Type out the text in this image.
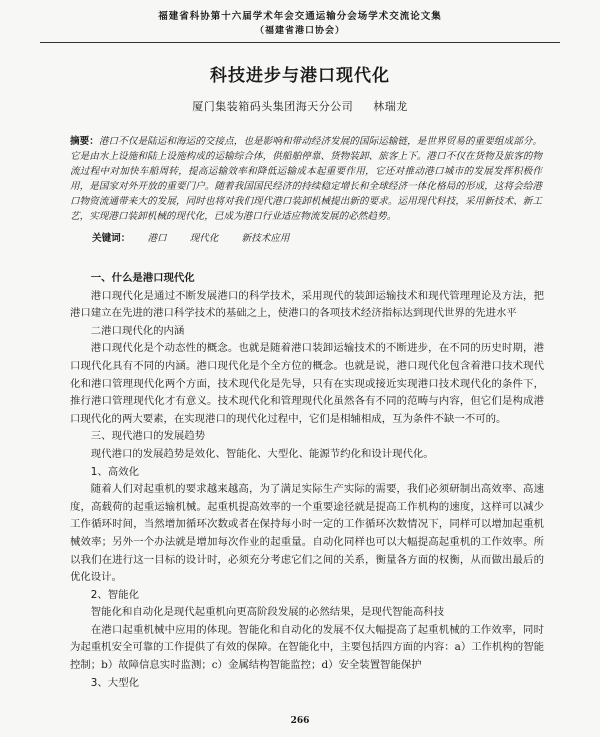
福建省科协第十六届学术年会交通运输分会场学术交流论文集
（福建省港口协会）
科技进步与港口现代化
厦门集装箱码头集团海天分公司 林瑞龙
摘要：港口不仅是陆运和海运的交接点，也是影响和带动经济发展的国际运输链，是世界贸易的重要组成部分。它是由水上设施和陆上设施构成的运输综合体，供船舶停靠、货物装卸、旅客上下。港口不仅在货物及旅客的物流过程中对加快车船周转，提高运输效率和降低运输成本起重要作用，它还对推动港口城市的发展发挥积极作用，是国家对外开放的重要门户。随着我国国民经济的持续稳定增长和全球经济一体化格局的形成，这将会给港口物资流通带来大的发展，同时也将对我们现代港口装卸机械提出新的要求。运用现代科技，采用新技术、新工艺，实现港口装卸机械的现代化，已成为港口行业适应物流发展的必然趋势。
关键词： 港口 现代化 新技术应用

一、什么是港口现代化

港口现代化是通过不断发展港口的科学技术，采用现代的装卸运输技术和现代管理理论及方法，把港口建立在先进的港口科学技术的基础之上，使港口的各项技术经济指标达到现代世界的先进水平

二港口现代化的内涵

港口现代化是个动态性的概念。也就是随着港口装卸运输技术的不断进步，在不同的历史时期，港口现代化具有不同的内涵。港口现代化是个全方位的概念。也就是说，港口现代化包含着港口技术现代化和港口管理现代化两个方面，技术现代化是先导，只有在实现或接近实现港口技术现代化的条件下，推行港口管理现代化才有意义。技术现代化和管理现代化虽然各有不同的范畴与内容，但它们是构成港口现代化的两大要素，在实现港口的现代化过程中，它们是相辅相成，互为条件不缺一不可的。

三、现代港口的发展趋势

现代港口的发展趋势是效化、智能化、大型化、能源节约化和设计现代化。

1、高效化

随着人们对起重机的要求越来越高，为了满足实际生产实际的需要，我们必须研制出高效率、高速度，高载荷的起重运输机械。起重机提高效率的一个重要途径就是提高工作机构的速度，这样可以减少工作循环时间，当然增加循环次数或者在保持每小时一定的工作循环次数情况下，同样可以增加起重机械效率；另外一个办法就是增加每次作业的起重量。自动化同样也可以大幅提高起重机的工作效率。所以我们在进行这一目标的设计时，必须充分考虑它们之间的关系，衡量各方面的权衡，从而做出最后的优化设计。

2、智能化

智能化和自动化是现代起重机向更高阶段发展的必然结果，是现代智能高科技

在港口起重机械中应用的体现。智能化和自动化的发展不仅大幅提高了起重机械的工作效率，同时为起重机安全可靠的工作提供了有效的保障。在智能化中，主要包括四方面的内容：a）工作机构的智能控制；b）故障信息实时监测；c）金属结构智能监控；d）安全装置智能保护

3、大型化

266
